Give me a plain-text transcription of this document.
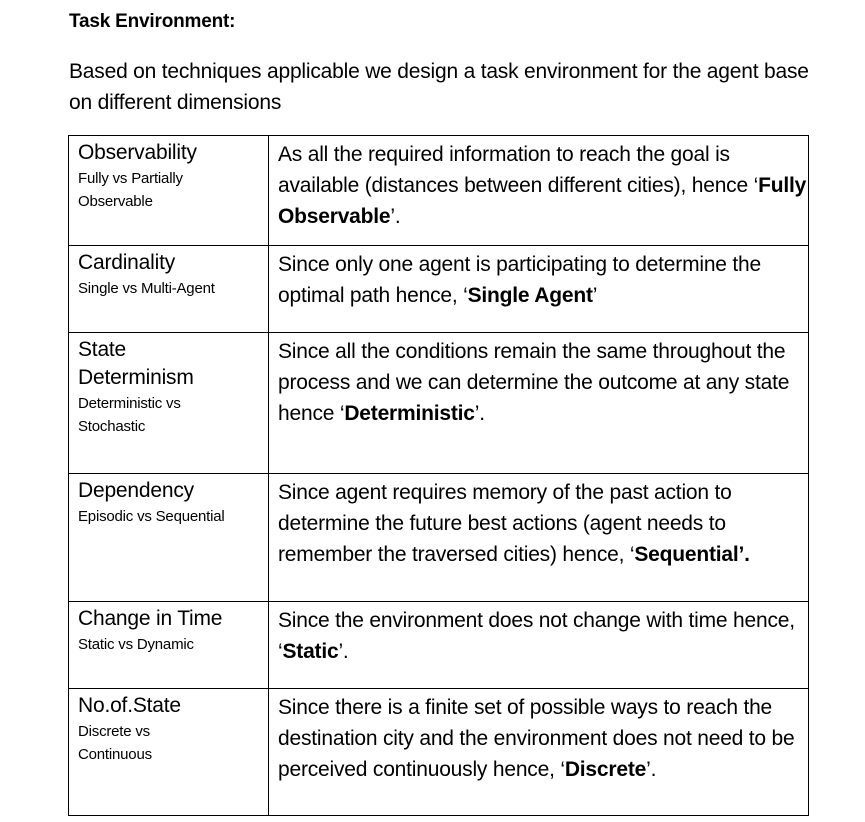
Task Environment:
Based on techniques applicable we design a task environment for the agent base on different dimensions
Observability
Fully vs Partially Observable	As all the required information to reach the goal is available (distances between different cities), hence ‘Fully Observable’.

Cardinality
Single vs Multi-Agent	Since only one agent is participating to determine the optimal path hence, ‘Single Agent’

State Determinism
Deterministic vs Stochastic	Since all the conditions remain the same throughout the process and we can determine the outcome at any state hence ‘Deterministic’.

Dependency
Episodic vs Sequential	Since agent requires memory of the past action to determine the future best actions (agent needs to remember the traversed cities) hence, ‘Sequential’.

Change in Time
Static vs Dynamic	Since the environment does not change with time hence, ‘Static’.

No.of.State
Discrete vs Continuous	Since there is a finite set of possible ways to reach the destination city and the environment does not need to be perceived continuously hence, ‘Discrete’.
